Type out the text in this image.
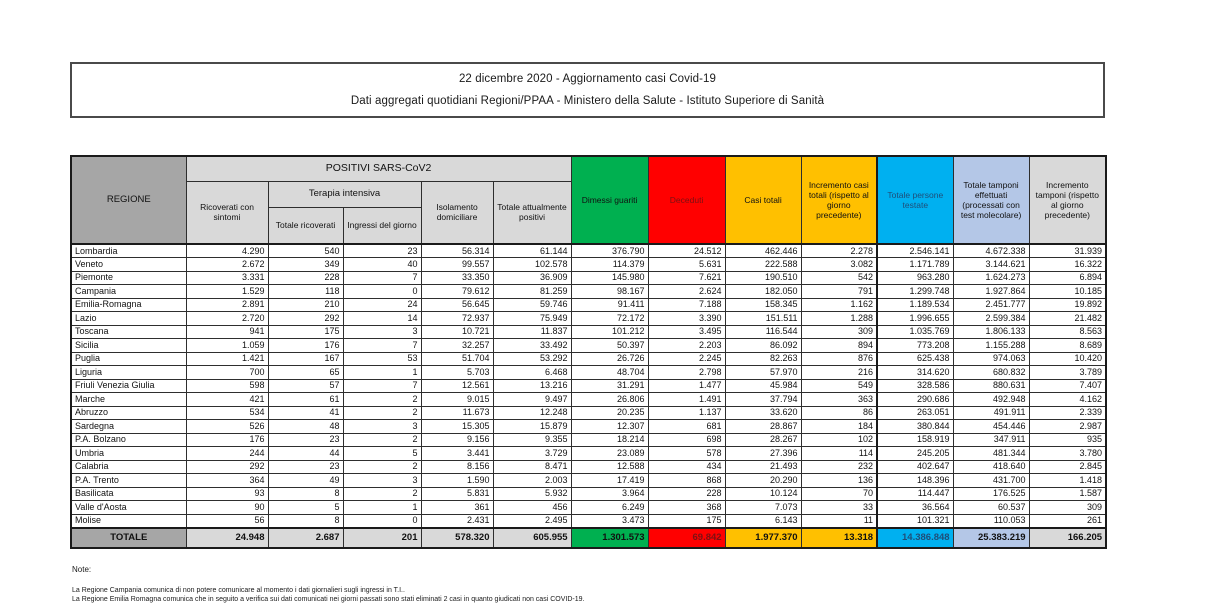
22 dicembre 2020 - Aggiornamento casi Covid-19

Dati aggregati quotidiani Regioni/PPAA - Ministero della Salute - Istituto Superiore di Sanità

REGIONE	POSITIVI SARS-CoV2					Dimessi guariti	Deceduti	Casi totali	Incremento casi totali (rispetto al giorno precedente)	Totale persone testate	Totale tamponi effettuati (processati con test molecolare)	Incremento tamponi (rispetto al giorno precedente)
	Ricoverati con sintomi	Terapia intensiva		Isolamento domiciliare	Totale attualmente positivi							
		Totale ricoverati	Ingressi del giorno									
Lombardia	4.290	540	23	56.314	61.144	376.790	24.512	462.446	2.278	2.546.141	4.672.338	31.939
Veneto	2.672	349	40	99.557	102.578	114.379	5.631	222.588	3.082	1.171.789	3.144.621	16.322
Piemonte	3.331	228	7	33.350	36.909	145.980	7.621	190.510	542	963.280	1.624.273	6.894
Campania	1.529	118	0	79.612	81.259	98.167	2.624	182.050	791	1.299.748	1.927.864	10.185
Emilia-Romagna	2.891	210	24	56.645	59.746	91.411	7.188	158.345	1.162	1.189.534	2.451.777	19.892
Lazio	2.720	292	14	72.937	75.949	72.172	3.390	151.511	1.288	1.996.655	2.599.384	21.482
Toscana	941	175	3	10.721	11.837	101.212	3.495	116.544	309	1.035.769	1.806.133	8.563
Sicilia	1.059	176	7	32.257	33.492	50.397	2.203	86.092	894	773.208	1.155.288	8.689
Puglia	1.421	167	53	51.704	53.292	26.726	2.245	82.263	876	625.438	974.063	10.420
Liguria	700	65	1	5.703	6.468	48.704	2.798	57.970	216	314.620	680.832	3.789
Friuli Venezia Giulia	598	57	7	12.561	13.216	31.291	1.477	45.984	549	328.586	880.631	7.407
Marche	421	61	2	9.015	9.497	26.806	1.491	37.794	363	290.686	492.948	4.162
Abruzzo	534	41	2	11.673	12.248	20.235	1.137	33.620	86	263.051	491.911	2.339
Sardegna	526	48	3	15.305	15.879	12.307	681	28.867	184	380.844	454.446	2.987
P.A. Bolzano	176	23	2	9.156	9.355	18.214	698	28.267	102	158.919	347.911	935
Umbria	244	44	5	3.441	3.729	23.089	578	27.396	114	245.205	481.344	3.780
Calabria	292	23	2	8.156	8.471	12.588	434	21.493	232	402.647	418.640	2.845
P.A. Trento	364	49	3	1.590	2.003	17.419	868	20.290	136	148.396	431.700	1.418
Basilicata	93	8	2	5.831	5.932	3.964	228	10.124	70	114.447	176.525	1.587
Valle d'Aosta	90	5	1	361	456	6.249	368	7.073	33	36.564	60.537	309
Molise	56	8	0	2.431	2.495	3.473	175	6.143	11	101.321	110.053	261
TOTALE	24.948	2.687	201	578.320	605.955	1.301.573	69.842	1.977.370	13.318	14.386.848	25.383.219	166.205
Note:
La Regione Campania comunica di non potere comunicare al momento i dati giornalieri sugli ingressi in T.I..
La Regione Emilia Romagna comunica che in seguito a verifica sui dati comunicati nei giorni passati sono stati eliminati 2 casi in quanto giudicati non casi COVID-19.
